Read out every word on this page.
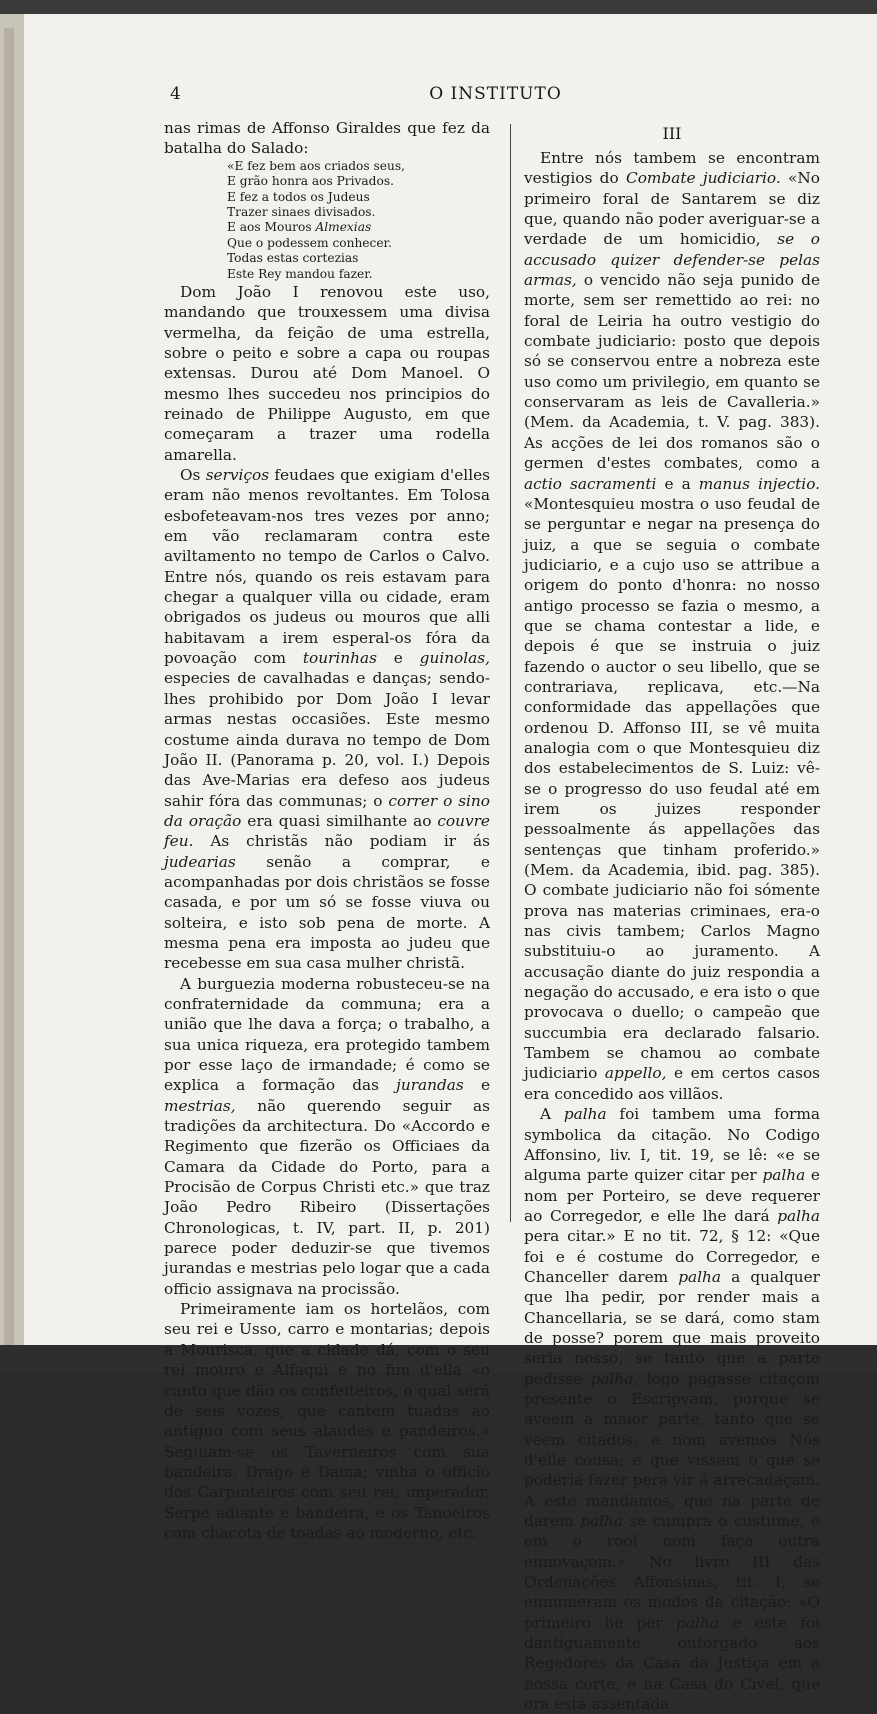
4	O INSTITUTO

nas rimas de Affonso Giraldes que fez da batalha do Salado:

«E fez bem aos criados seus,
E grão honra aos Privados.
E fez a todos os Judeus
Trazer sinaes divisados.
E aos Mouros Almexias
Que o podessem conhecer.
Todas estas cortezias
Este Rey mandou fazer.

Dom João I renovou este uso, mandando que trouxessem uma divisa vermelha, da feição de uma estrella, sobre o peito e sobre a capa ou roupas extensas. Durou até Dom Manoel. O mesmo lhes succedeu nos principios do reinado de Philippe Augusto, em que começaram a trazer uma rodella amarella.

Os serviços feudaes que exigiam d'elles eram não menos revoltantes. Em Tolosa esbofeteavam-nos tres vezes por anno; em vão reclamaram contra este aviltamento no tempo de Carlos o Calvo. Entre nós, quando os reis estavam para chegar a qualquer villa ou cidade, eram obrigados os judeus ou mouros que alli habitavam a irem esperal-os fóra da povoação com tourinhas e guinolas, especies de cavalhadas e danças; sendo-lhes prohibido por Dom João I levar armas nestas occasiões. Este mesmo costume ainda durava no tempo de Dom João II. (Panorama p. 20, vol. I.) Depois das Ave-Marias era defeso aos judeus sahir fóra das communas; o correr o sino da oração era quasi similhante ao couvre feu. As christãs não podiam ir ás judearias senão a comprar, e acompanhadas por dois christãos se fosse casada, e por um só se fosse viuva ou solteira, e isto sob pena de morte. A mesma pena era imposta ao judeu que recebesse em sua casa mulher christã.

A burguezia moderna robusteceu-se na confraternidade da communa; era a união que lhe dava a força; o trabalho, a sua unica riqueza, era protegido tambem por esse laço de irmandade; é como se explica a formação das jurandas e mestrias, não querendo seguir as tradições da architectura. Do «Accordo e Regimento que fizerão os Officiaes da Camara da Cidade do Porto, para a Procisão de Corpus Christi etc.» que traz João Pedro Ribeiro (Dissertações Chronologicas, t. IV, part. II, p. 201) parece poder deduzir-se que tivemos jurandas e mestrias pelo logar que a cada officio assignava na procissão.

Primeiramente iam os hortelãos, com seu rei e Usso, carro e montarias; depois a Mourisca, que a cidade dá, com o seu rei mouro e Alfaqui e no fim d'ella «o canto que dão os confeiteiros, o qual será de seis vozes, que cantem tuadas ao antiguo com seus alaudes e pandeiros.» Seguiam-se os Taverneiros com sua bandeira, Drago e Dama; vinha o officio dos Carpinteiros com seu rei, imperador, Serpe adiante e bandeira, e os Tanoeiros com chacota de toadas ao moderno, etc.

III

Entre nós tambem se encontram vestigios do Combate judiciario. «No primeiro foral de Santarem se diz que, quando não poder averiguar-se a verdade de um homicidio, se o accusado quizer defender-se pelas armas, o vencido não seja punido de morte, sem ser remettido ao rei: no foral de Leiria ha outro vestigio do combate judiciario: posto que depois só se conservou entre a nobreza este uso como um privilegio, em quanto se conservaram as leis de Cavalleria.» (Mem. da Academia, t. V. pag. 383). As acções de lei dos romanos são o germen d'estes combates, como a actio sacramenti e a manus injectio. «Montesquieu mostra o uso feudal de se perguntar e negar na presença do juiz, a que se seguia o combate judiciario, e a cujo uso se attribue a origem do ponto d'honra: no nosso antigo processo se fazia o mesmo, a que se chama contestar a lide, e depois é que se instruia o juiz fazendo o auctor o seu libello, que se contrariava, replicava, etc.—Na conformidade das appellações que ordenou D. Affonso III, se vê muita analogia com o que Montesquieu diz dos estabelecimentos de S. Luiz: vê-se o progresso do uso feudal até em irem os juizes responder pessoalmente ás appellações das sentenças que tinham proferido.» (Mem. da Academia, ibid. pag. 385). O combate judiciario não foi sómente prova nas materias criminaes, era-o nas civis tambem; Carlos Magno substituiu-o ao juramento. A accusação diante do juiz respondia a negação do accusado, e era isto o que provocava o duello; o campeão que succumbia era declarado falsario. Tambem se chamou ao combate judiciario appello, e em certos casos era concedido aos villãos.

A palha foi tambem uma forma symbolica da citação. No Codigo Affonsino, liv. I, tit. 19, se lê: «e se alguma parte quizer citar per palha e nom per Porteiro, se deve requerer ao Corregedor, e elle lhe dará palha pera citar.» E no tit. 72, § 12: «Que foi e é costume do Corregedor, e Chanceller darem palha a qualquer que lha pedir, por render mais a Chancellaria, se se dará, como stam de posse? porem que mais proveito seria nosso, se tantó que a parte pedisse palha, logo pagasse citaçom presente o Escripvam, porque se aveem a maior parte, tanto que se veem citados, e nom avemos Nós d'elle cousa; e que vissem o que se poderia fazer pera vir á arrecadaçam. A este mandamos, que na parte de darem palha se cumpra o custume, e em o rool nom faça outra ennovaçom.» No livro III das Ordenações Affonsinas, tit. I, se ennumeram os modos da citação: «O primeiro he per palha e este foi dantiguamente outorgado aos Regedores da Casa da Justiça em a nossa corte, e na Casa do Civel, que ora está assentada
